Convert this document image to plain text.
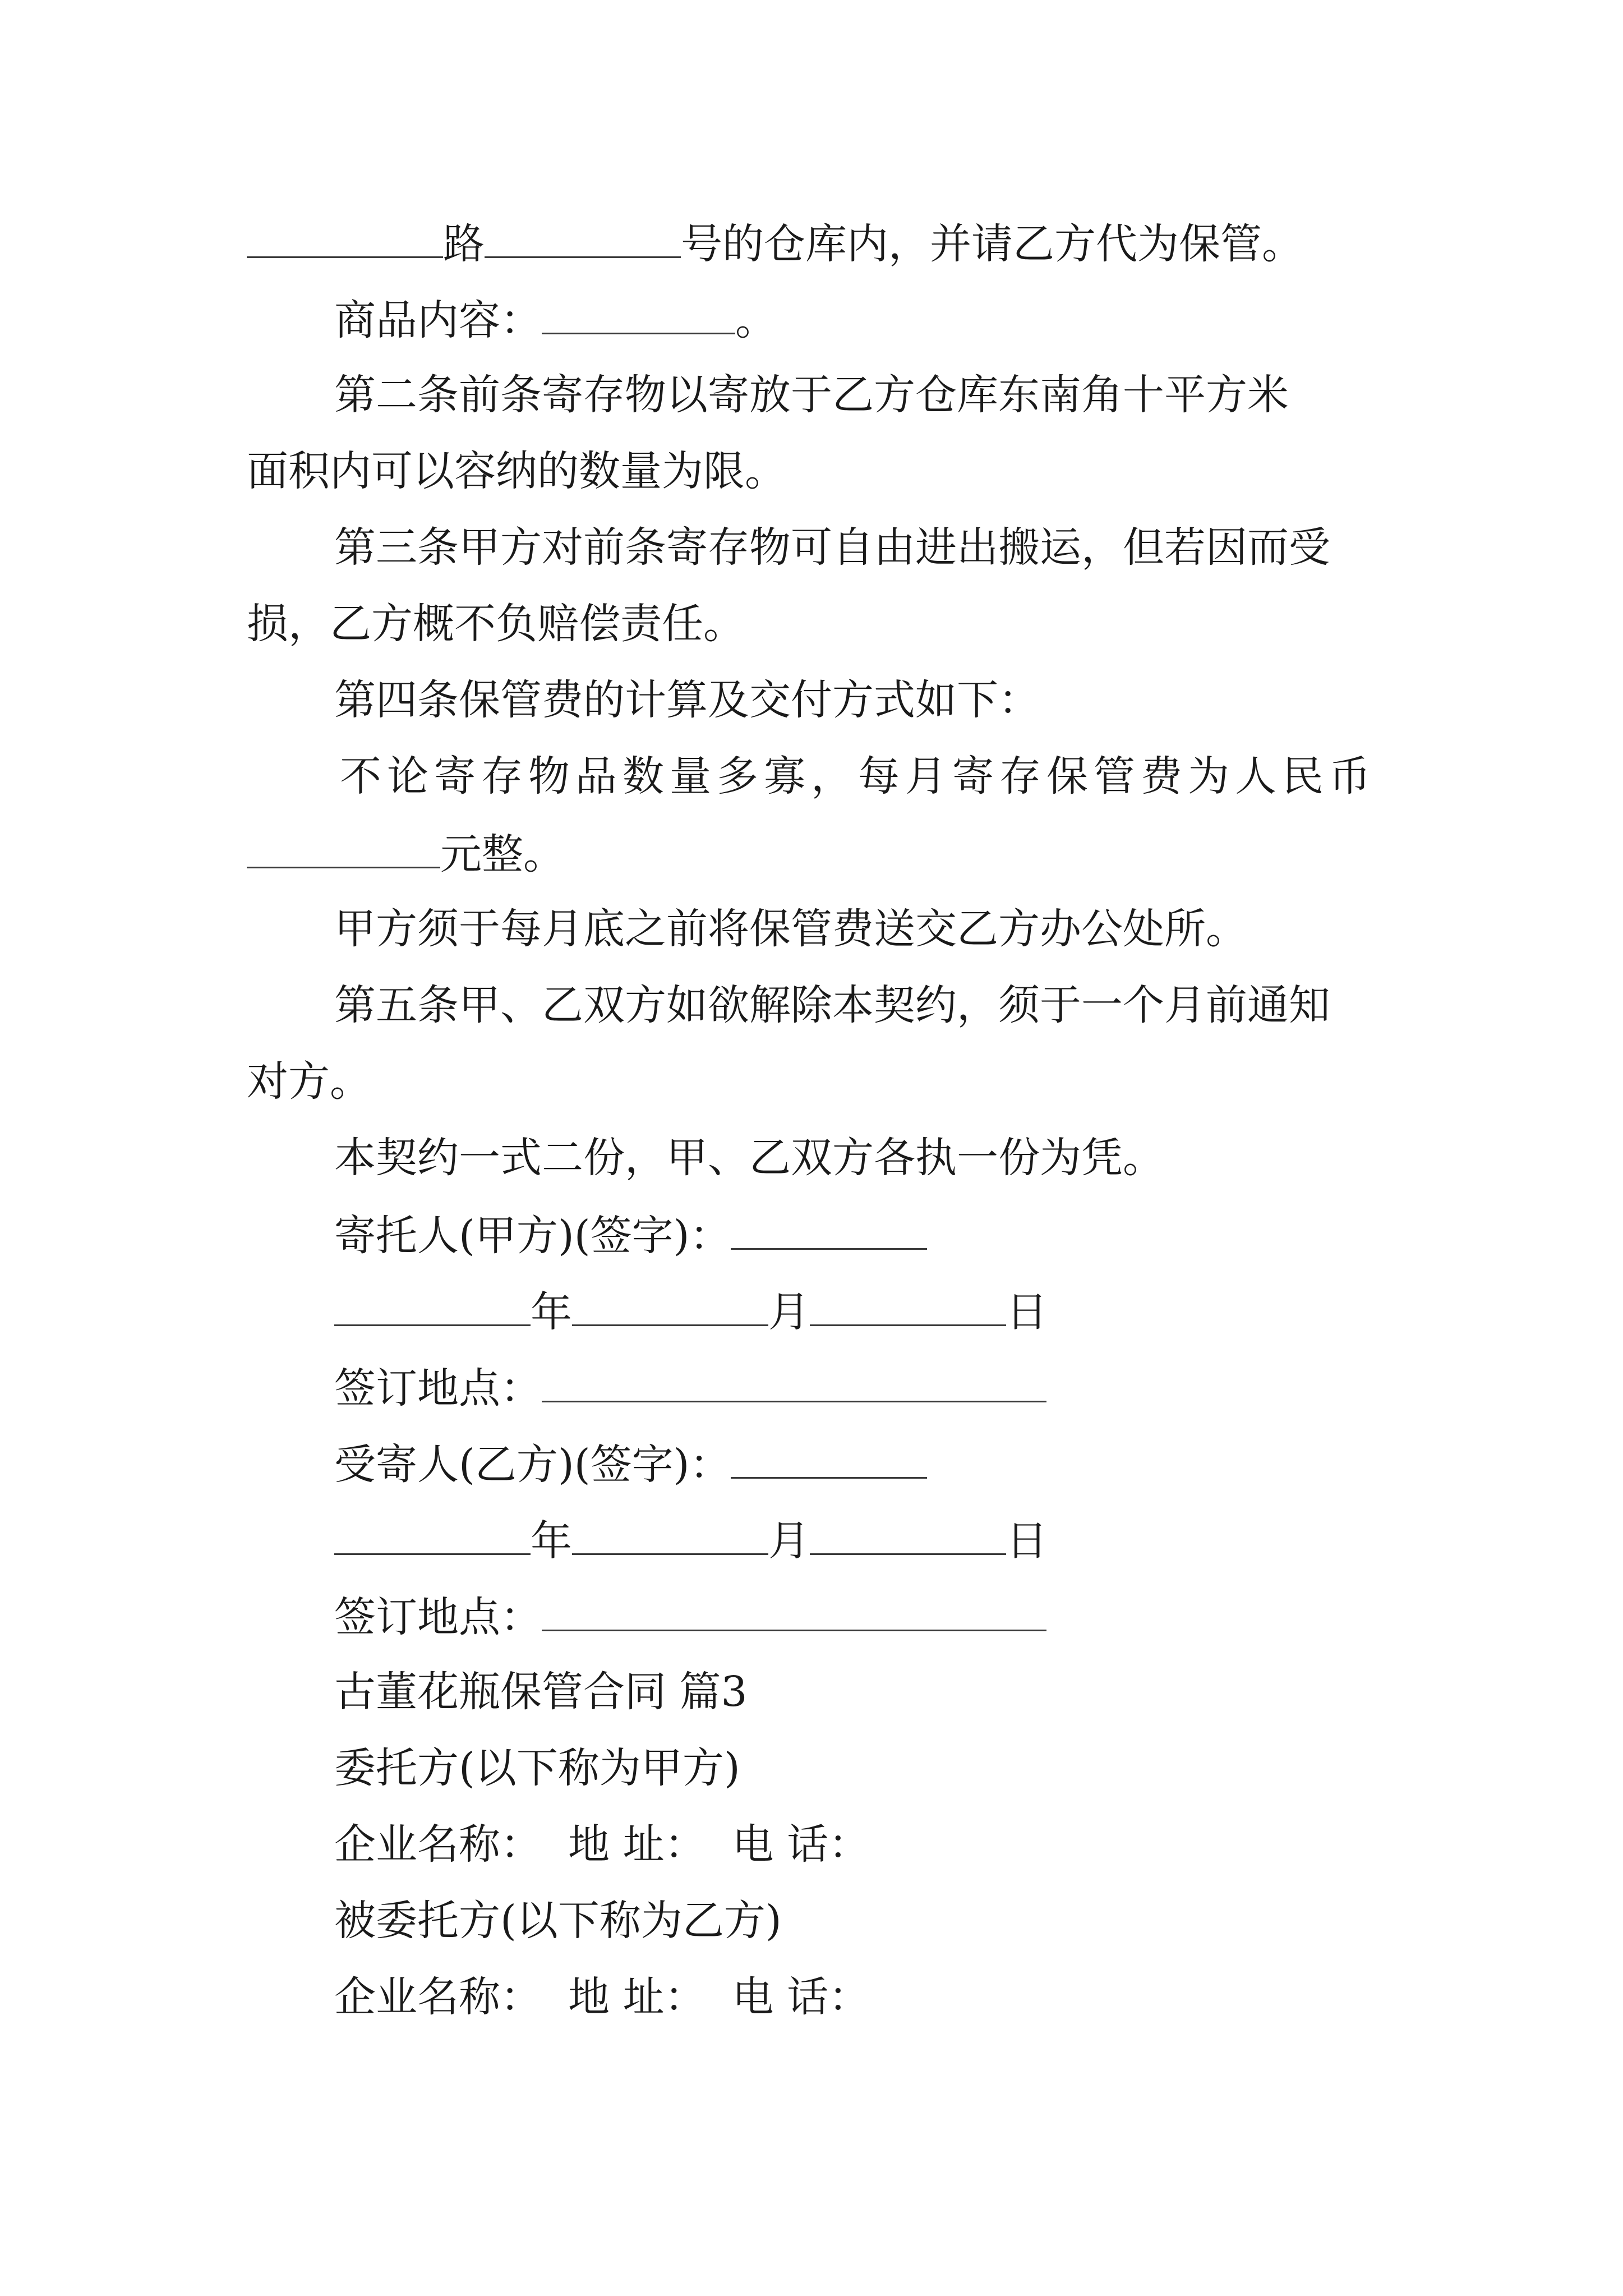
路	号的仓库内，并请乙方代为保管。
商品内容：	。
第二条前条寄存物以寄放于乙方仓库东南角十平方米
面积内可以容纳的数量为限。
第三条甲方对前条寄存物可自由进出搬运，但若因而受
损，乙方概不负赔偿责任。
第四条保管费的计算及交付方式如下：
不论寄存物品数量多寡，每月寄存保管费为人民币
元整。
甲方须于每月底之前将保管费送交乙方办公处所。
第五条甲、乙双方如欲解除本契约，须于一个月前通知
对方。
本契约一式二份，甲、乙双方各执一份为凭。
寄托人(甲方)(签字)：
年	月	日
签订地点：
受寄人(乙方)(签字)：
年	月	日
签订地点：
古董花瓶保管合同 篇3
委托方(以下称为甲方)
企业名称：  地 址：  电 话：
被委托方(以下称为乙方)
企业名称：  地 址：  电 话：
